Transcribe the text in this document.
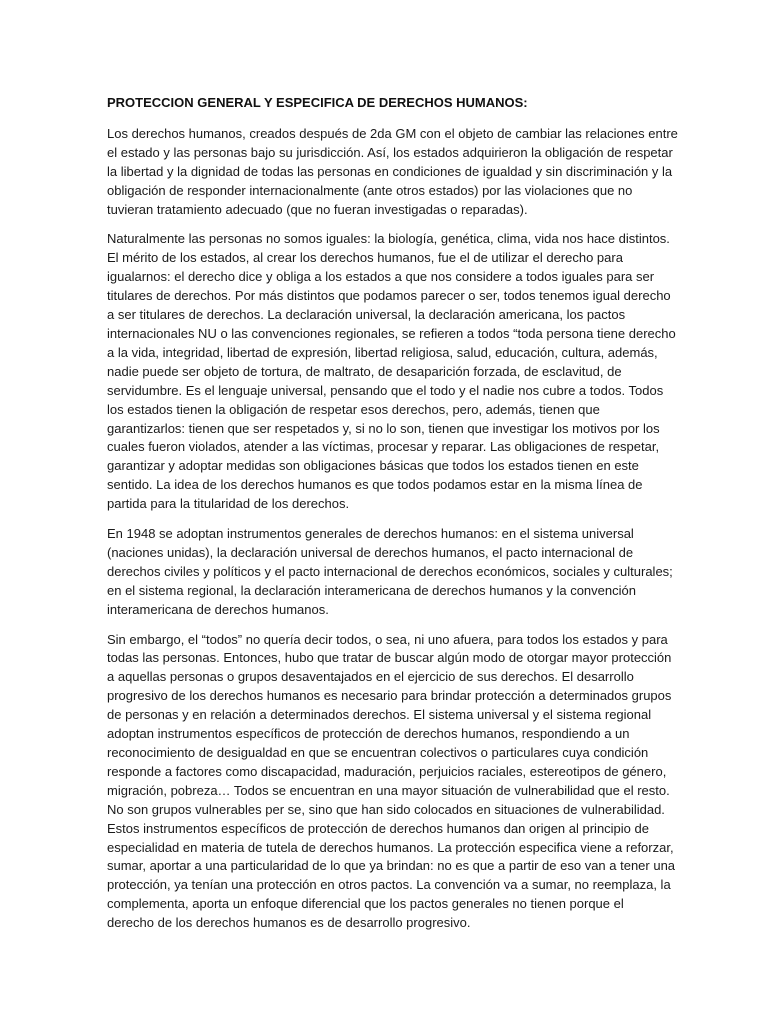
PROTECCION GENERAL Y ESPECIFICA DE DERECHOS HUMANOS:
Los derechos humanos, creados después de 2da GM con el objeto de cambiar las relaciones entre
el estado y las personas bajo su jurisdicción. Así, los estados adquirieron la obligación de respetar
la libertad y la dignidad de todas las personas en condiciones de igualdad y sin discriminación y la
obligación de responder internacionalmente (ante otros estados) por las violaciones que no
tuvieran tratamiento adecuado (que no fueran investigadas o reparadas).
Naturalmente las personas no somos iguales: la biología, genética, clima, vida nos hace distintos.
El mérito de los estados, al crear los derechos humanos, fue el de utilizar el derecho para
igualarnos: el derecho dice y obliga a los estados a que nos considere a todos iguales para ser
titulares de derechos. Por más distintos que podamos parecer o ser, todos tenemos igual derecho
a ser titulares de derechos. La declaración universal, la declaración americana, los pactos
internacionales NU o las convenciones regionales, se refieren a todos “toda persona tiene derecho
a la vida, integridad, libertad de expresión, libertad religiosa, salud, educación, cultura, además,
nadie puede ser objeto de tortura, de maltrato, de desaparición forzada, de esclavitud, de
servidumbre. Es el lenguaje universal, pensando que el todo y el nadie nos cubre a todos. Todos
los estados tienen la obligación de respetar esos derechos, pero, además, tienen que
garantizarlos: tienen que ser respetados y, si no lo son, tienen que investigar los motivos por los
cuales fueron violados, atender a las víctimas, procesar y reparar. Las obligaciones de respetar,
garantizar y adoptar medidas son obligaciones básicas que todos los estados tienen en este
sentido. La idea de los derechos humanos es que todos podamos estar en la misma línea de
partida para la titularidad de los derechos.
En 1948 se adoptan instrumentos generales de derechos humanos: en el sistema universal
(naciones unidas), la declaración universal de derechos humanos, el pacto internacional de
derechos civiles y políticos y el pacto internacional de derechos económicos, sociales y culturales;
en el sistema regional, la declaración interamericana de derechos humanos y la convención
interamericana de derechos humanos.
Sin embargo, el “todos” no quería decir todos, o sea, ni uno afuera, para todos los estados y para
todas las personas. Entonces, hubo que tratar de buscar algún modo de otorgar mayor protección
a aquellas personas o grupos desaventajados en el ejercicio de sus derechos. El desarrollo
progresivo de los derechos humanos es necesario para brindar protección a determinados grupos
de personas y en relación a determinados derechos. El sistema universal y el sistema regional
adoptan instrumentos específicos de protección de derechos humanos, respondiendo a un
reconocimiento de desigualdad en que se encuentran colectivos o particulares cuya condición
responde a factores como discapacidad, maduración, perjuicios raciales, estereotipos de género,
migración, pobreza… Todos se encuentran en una mayor situación de vulnerabilidad que el resto.
No son grupos vulnerables per se, sino que han sido colocados en situaciones de vulnerabilidad.
Estos instrumentos específicos de protección de derechos humanos dan origen al principio de
especialidad en materia de tutela de derechos humanos. La protección especifica viene a reforzar,
sumar, aportar a una particularidad de lo que ya brindan: no es que a partir de eso van a tener una
protección, ya tenían una protección en otros pactos. La convención va a sumar, no reemplaza, la
complementa, aporta un enfoque diferencial que los pactos generales no tienen porque el
derecho de los derechos humanos es de desarrollo progresivo.
